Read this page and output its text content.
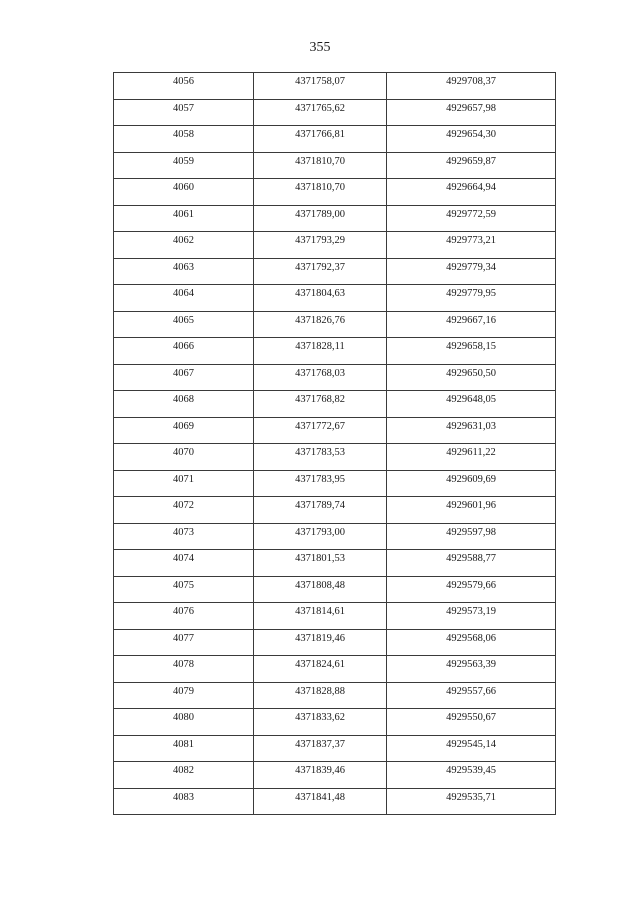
355
4056	4371758,07	4929708,37
4057	4371765,62	4929657,98
4058	4371766,81	4929654,30
4059	4371810,70	4929659,87
4060	4371810,70	4929664,94
4061	4371789,00	4929772,59
4062	4371793,29	4929773,21
4063	4371792,37	4929779,34
4064	4371804,63	4929779,95
4065	4371826,76	4929667,16
4066	4371828,11	4929658,15
4067	4371768,03	4929650,50
4068	4371768,82	4929648,05
4069	4371772,67	4929631,03
4070	4371783,53	4929611,22
4071	4371783,95	4929609,69
4072	4371789,74	4929601,96
4073	4371793,00	4929597,98
4074	4371801,53	4929588,77
4075	4371808,48	4929579,66
4076	4371814,61	4929573,19
4077	4371819,46	4929568,06
4078	4371824,61	4929563,39
4079	4371828,88	4929557,66
4080	4371833,62	4929550,67
4081	4371837,37	4929545,14
4082	4371839,46	4929539,45
4083	4371841,48	4929535,71
